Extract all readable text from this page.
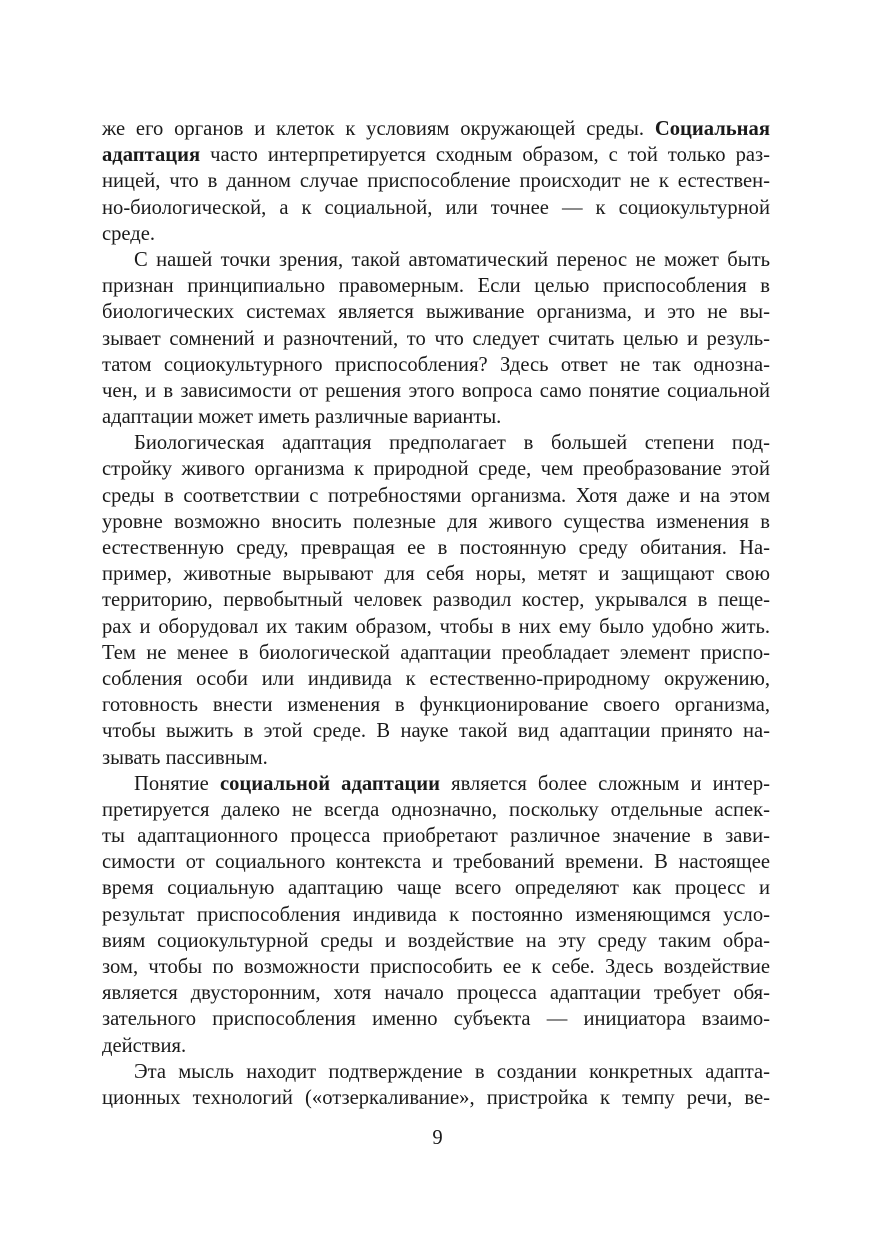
же его органов и клеток к условиям окружающей среды. Социальная
адаптация часто интерпретируется сходным образом, с той только раз-
ницей, что в данном случае приспособление происходит не к естествен-
но-биологической, а к социальной, или точнее — к социокультурной
среде.
С нашей точки зрения, такой автоматический перенос не может быть
признан принципиально правомерным. Если целью приспособления в
биологических системах является выживание организма, и это не вы-
зывает сомнений и разночтений, то что следует считать целью и резуль-
татом социокультурного приспособления? Здесь ответ не так однозна-
чен, и в зависимости от решения этого вопроса само понятие социальной
адаптации может иметь различные варианты.
Биологическая адаптация предполагает в большей степени под-
стройку живого организма к природной среде, чем преобразование этой
среды в соответствии с потребностями организма. Хотя даже и на этом
уровне возможно вносить полезные для живого существа изменения в
естественную среду, превращая ее в постоянную среду обитания. На-
пример, животные вырывают для себя норы, метят и защищают свою
территорию, первобытный человек разводил костер, укрывался в пеще-
рах и оборудовал их таким образом, чтобы в них ему было удобно жить.
Тем не менее в биологической адаптации преобладает элемент приспо-
собления особи или индивида к естественно-природному окружению,
готовность внести изменения в функционирование своего организма,
чтобы выжить в этой среде. В науке такой вид адаптации принято на-
зывать пассивным.
Понятие социальной адаптации является более сложным и интер-
претируется далеко не всегда однозначно, поскольку отдельные аспек-
ты адаптационного процесса приобретают различное значение в зави-
симости от социального контекста и требований времени. В настоящее
время социальную адаптацию чаще всего определяют как процесс и
результат приспособления индивида к постоянно изменяющимся усло-
виям социокультурной среды и воздействие на эту среду таким обра-
зом, чтобы по возможности приспособить ее к себе. Здесь воздействие
является двусторонним, хотя начало процесса адаптации требует обя-
зательного приспособления именно субъекта — инициатора взаимо-
действия.
Эта мысль находит подтверждение в создании конкретных адапта-
ционных технологий («отзеркаливание», пристройка к темпу речи, ве-
9
